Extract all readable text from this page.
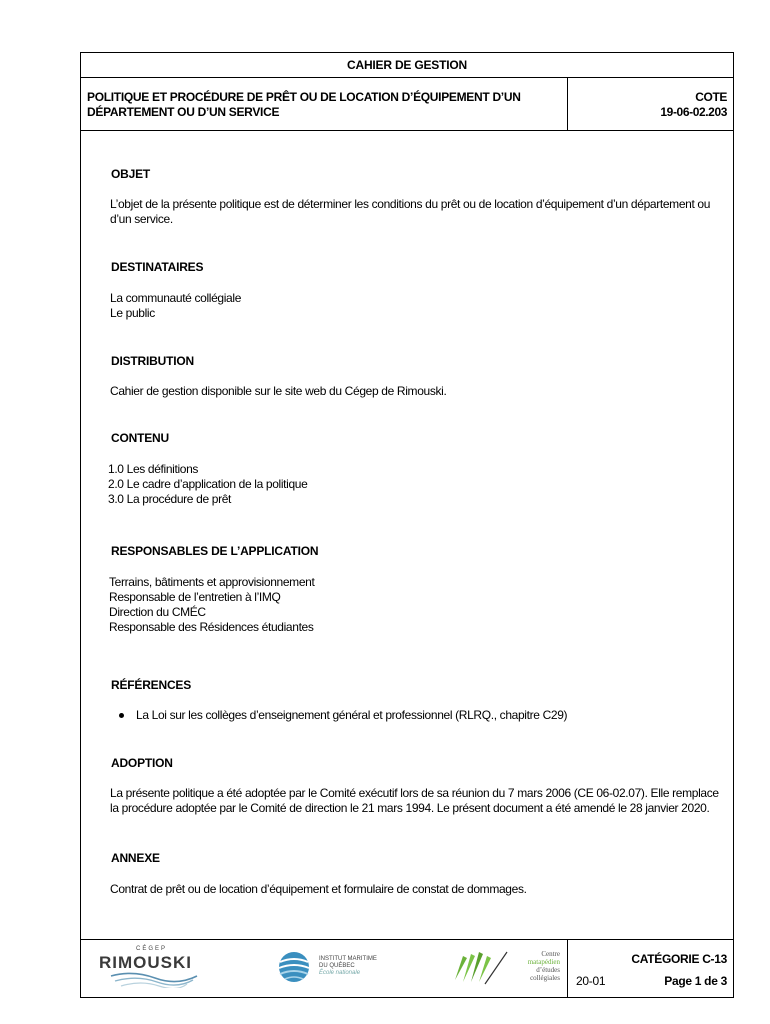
CAHIER DE GESTION
POLITIQUE ET PROCÉDURE DE PRÊT OU DE LOCATION D’ÉQUIPEMENT D’UN
DÉPARTEMENT OU D’UN SERVICE
COTE
19-06-02.203
OBJET
L’objet de la présente politique est de déterminer les conditions du prêt ou de location d’équipement d’un département ou
d’un service.
DESTINATAIRES
La communauté collégiale
Le public
DISTRIBUTION
Cahier de gestion disponible sur le site web du Cégep de Rimouski.
CONTENU
1.0 Les définitions
2.0 Le cadre d’application de la politique
3.0 La procédure de prêt
RESPONSABLES DE L’APPLICATION
Terrains, bâtiments et approvisionnement
Responsable de l’entretien à l’IMQ
Direction du CMÉC
Responsable des Résidences étudiantes
RÉFÉRENCES
La Loi sur les collèges d’enseignement général et professionnel (RLRQ., chapitre C29)
ADOPTION
La présente politique a été adoptée par le Comité exécutif lors de sa réunion du 7 mars 2006 (CE 06-02.07). Elle remplace
la procédure adoptée par le Comité de direction le 21 mars 1994. Le présent document a été amendé le 28 janvier 2020.
ANNEXE
Contrat de prêt ou de location d’équipement et formulaire de constat de dommages.
CÉGEP
RIMOUSKI	INSTITUT MARITIME
DU QUÉBEC
École nationale
Centre
matapédien
d’études
collégiales
CATÉGORIE C-13
20-01	Page 1 de 3
